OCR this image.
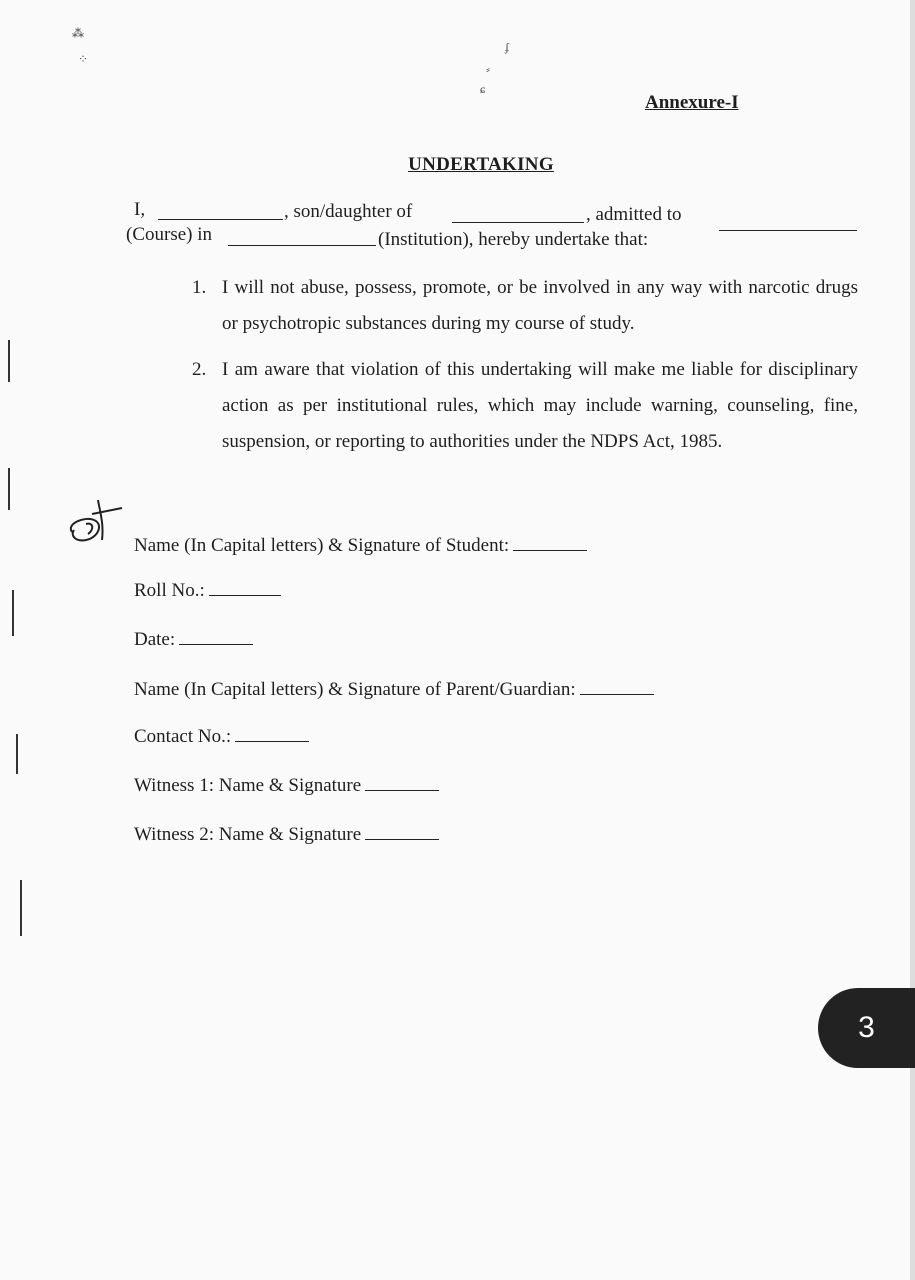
⁂
⁘
ʄ
⸗
ɕ
Annexure-I
UNDERTAKING
I,	, son/daughter of	, admitted to
(Course) in	(Institution), hereby undertake that:
1. I will not abuse, possess, promote, or be involved in any way with narcotic drugs or psychotropic substances during my course of study.
2. I am aware that violation of this undertaking will make me liable for disciplinary action as per institutional rules, which may include warning, counseling, fine, suspension, or reporting to authorities under the NDPS Act, 1985.
Name (In Capital letters) & Signature of Student:
Roll No.:
Date:
Name (In Capital letters) & Signature of Parent/Guardian:
Contact No.:
Witness 1: Name & Signature
Witness 2: Name & Signature
3
